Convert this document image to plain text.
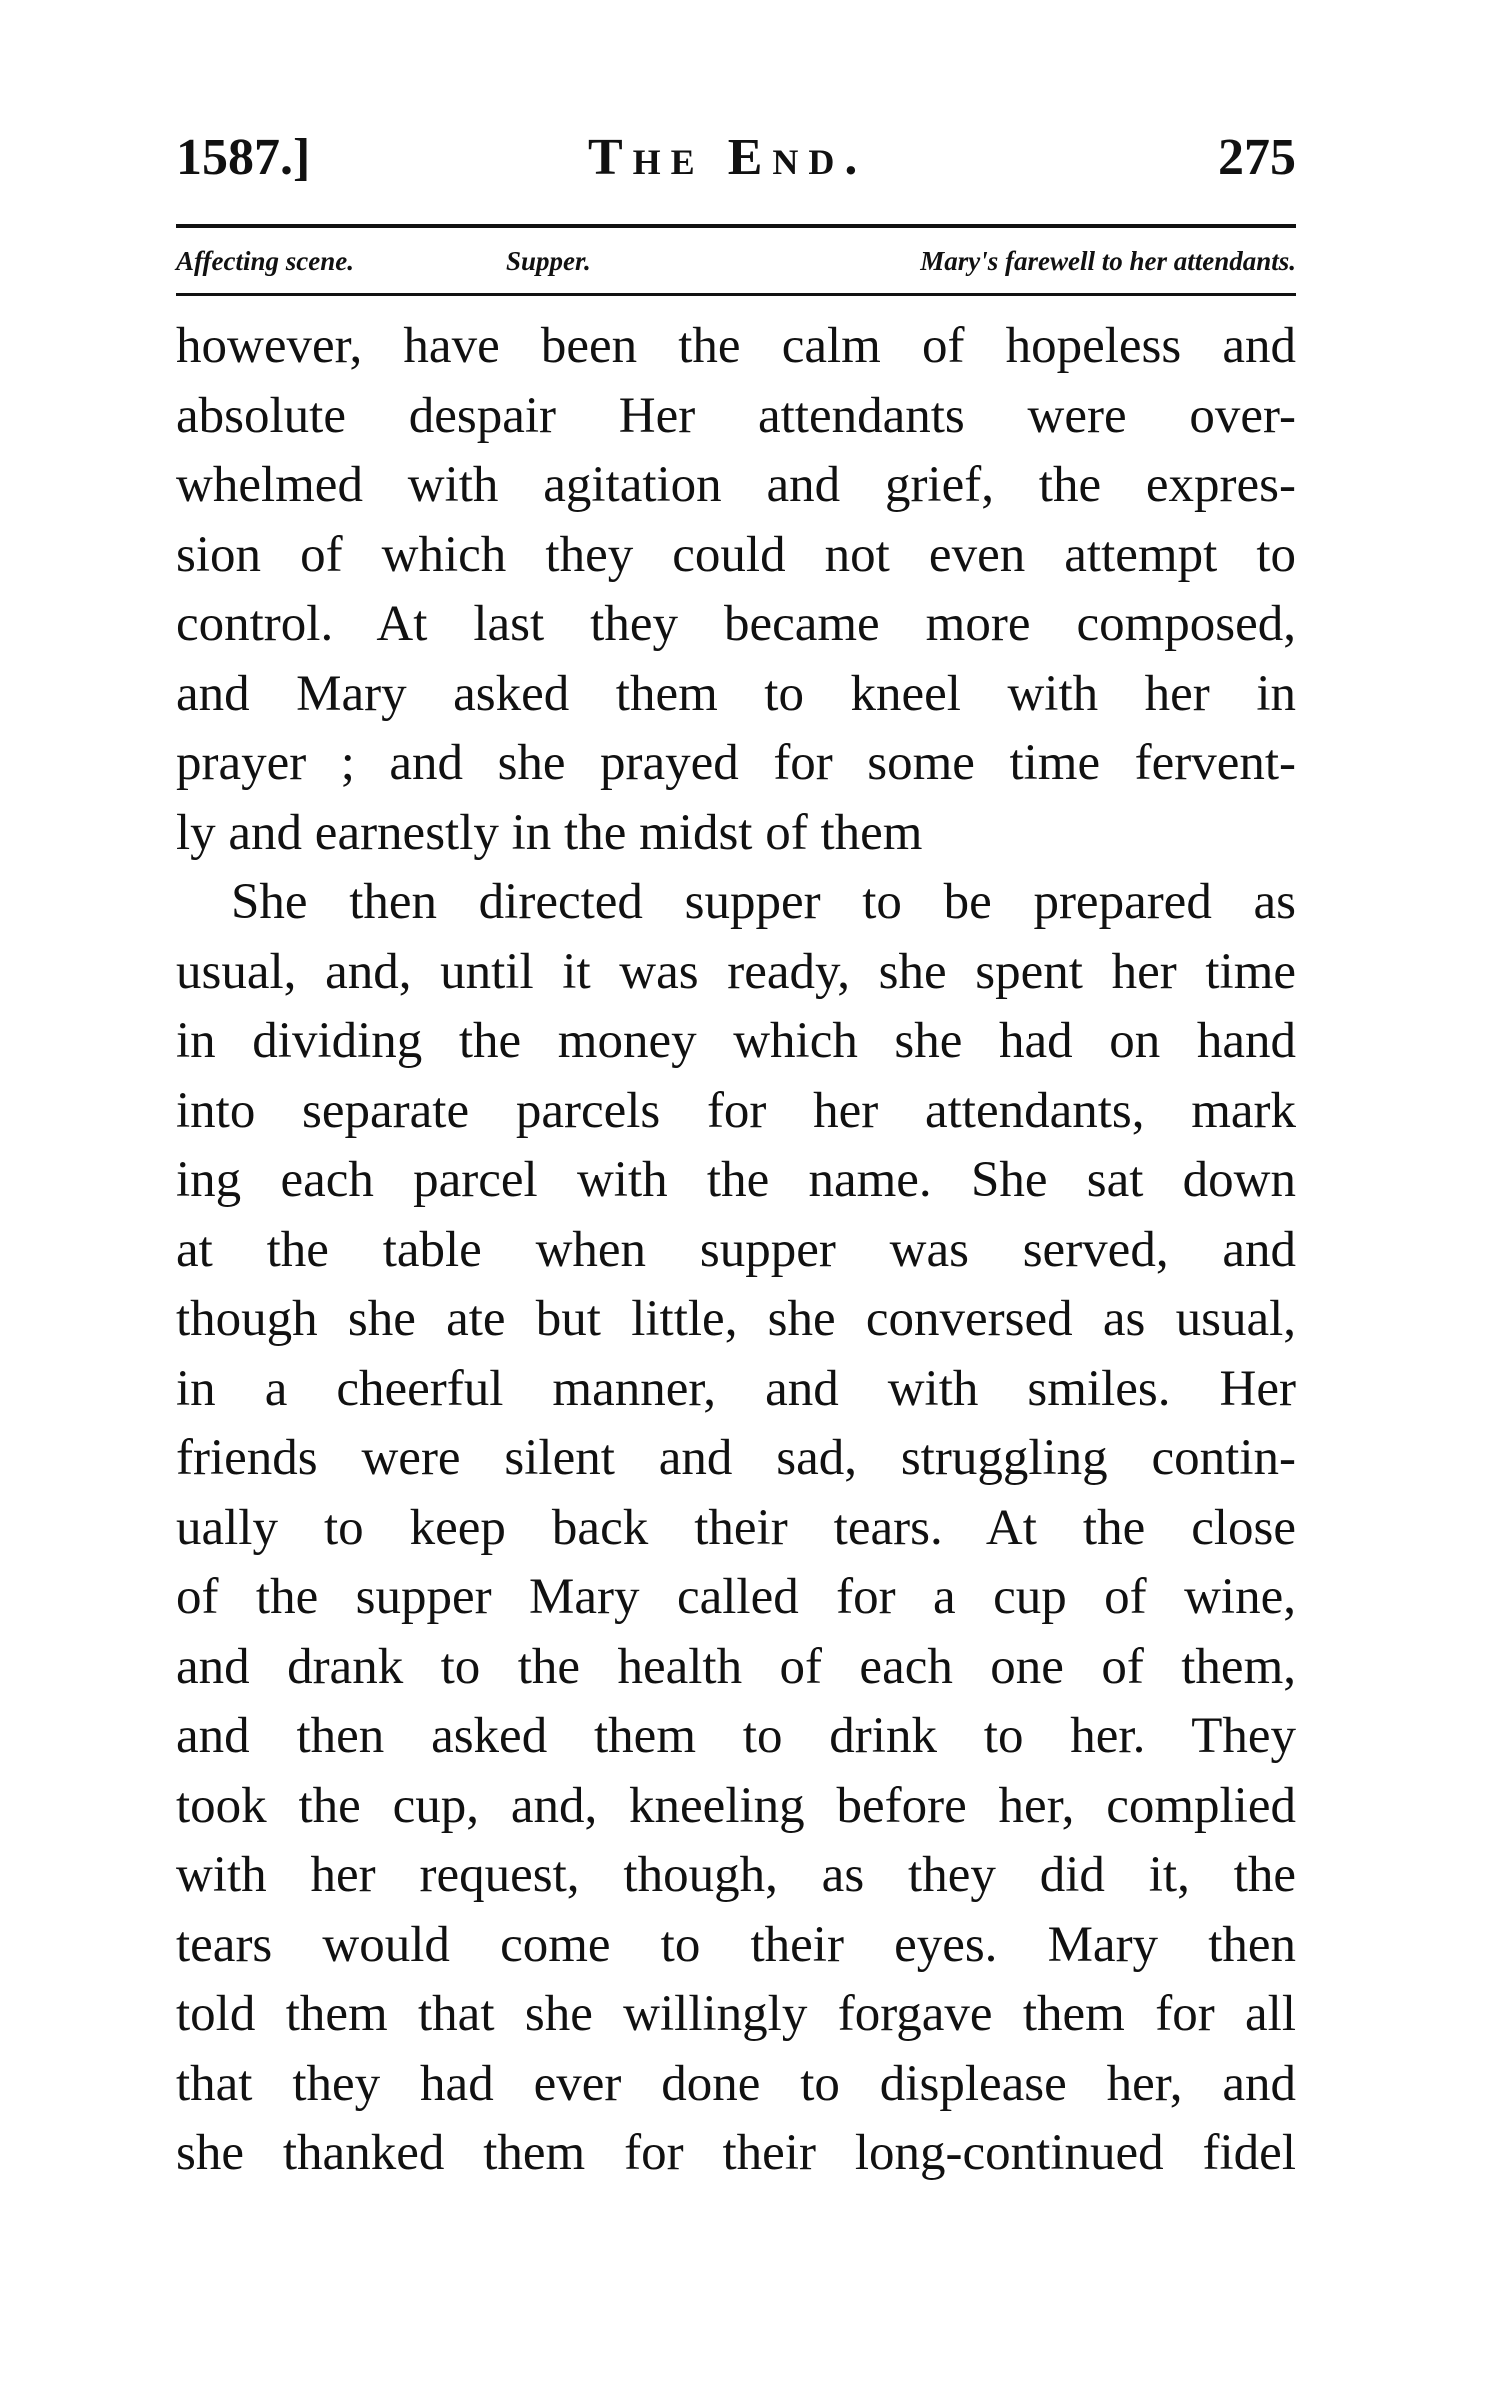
1587.]	The End.	275
Affecting scene.	Supper.	Mary's farewell to her attendants.
however, have been the calm of hopeless and
absolute despair Her attendants were over-
whelmed with agitation and grief, the expres-
sion of which they could not even attempt to
control. At last they became more composed,
and Mary asked them to kneel with her in
prayer ; and she prayed for some time fervent-
ly and earnestly in the midst of them
She then directed supper to be prepared as
usual, and, until it was ready, she spent her time
in dividing the money which she had on hand
into separate parcels for her attendants, mark
ing each parcel with the name. She sat down
at the table when supper was served, and
though she ate but little, she conversed as usual,
in a cheerful manner, and with smiles. Her
friends were silent and sad, struggling contin-
ually to keep back their tears. At the close
of the supper Mary called for a cup of wine,
and drank to the health of each one of them,
and then asked them to drink to her. They
took the cup, and, kneeling before her, complied
with her request, though, as they did it, the
tears would come to their eyes. Mary then
told them that she willingly forgave them for all
that they had ever done to displease her, and
she thanked them for their long-continued fidel
